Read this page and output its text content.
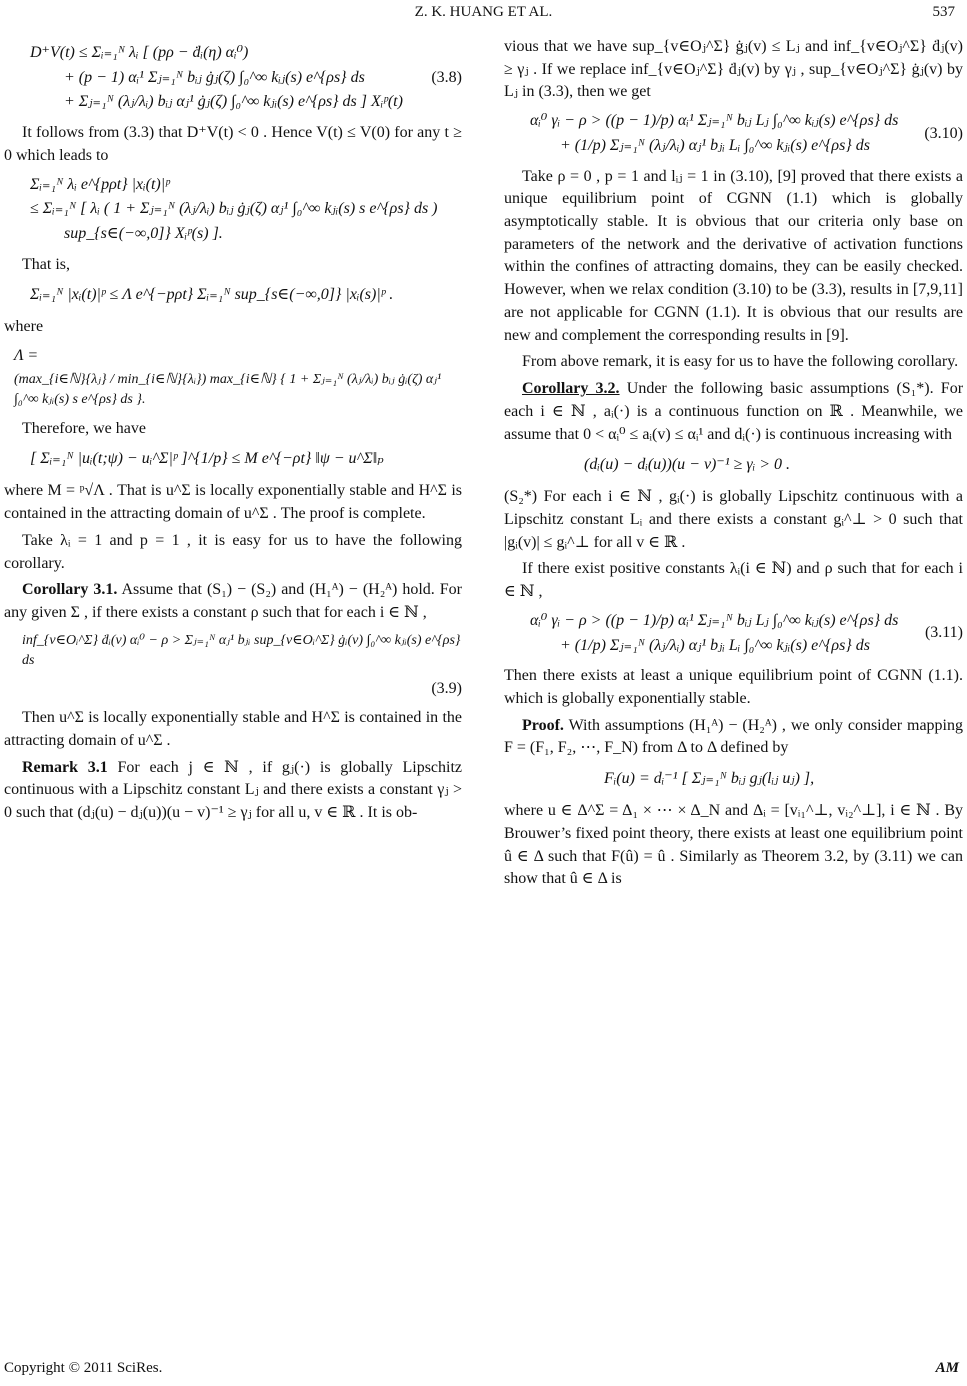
Z. K. HUANG ET AL.	537
D⁺V(t) ≤ Σᵢ₌₁ᴺ λᵢ [ (pρ − ḋᵢ(η) αᵢ⁰)
+ (p − 1) αᵢ¹ Σⱼ₌₁ᴺ bᵢⱼ ġⱼ(ζ) ∫₀^∞ kᵢⱼ(s) e^{ρs} ds
+ Σⱼ₌₁ᴺ (λⱼ/λᵢ) bᵢⱼ αⱼ¹ ġⱼ(ζ) ∫₀^∞ kⱼᵢ(s) e^{ρs} ds ] Xᵢᵖ(t)
(3.8)

It follows from (3.3) that D⁺V(t) < 0 . Hence V(t) ≤ V(0) for any t ≥ 0 which leads to

Σᵢ₌₁ᴺ λᵢ e^{pρt} |xᵢ(t)|ᵖ
≤ Σᵢ₌₁ᴺ [ λᵢ ( 1 + Σⱼ₌₁ᴺ (λⱼ/λᵢ) bᵢⱼ ġⱼ(ζ) αⱼ¹ ∫₀^∞ kⱼᵢ(s) s e^{ρs} ds )
sup_{s∈(−∞,0]} Xᵢᵖ(s) ].

That is,

Σᵢ₌₁ᴺ |xᵢ(t)|ᵖ ≤ Λ e^{−pρt} Σᵢ₌₁ᴺ sup_{s∈(−∞,0]} |xᵢ(s)|ᵖ .

where

Λ =
(max_{i∈ℕ}{λⱼ} / min_{i∈ℕ}{λᵢ}) max_{i∈ℕ} { 1 + Σⱼ₌₁ᴺ (λⱼ/λᵢ) bᵢⱼ ġᵢ(ζ) αⱼ¹ ∫₀^∞ kⱼᵢ(s) s e^{ρs} ds }.

Therefore, we have

[ Σᵢ₌₁ᴺ |uᵢ(t;ψ) − uᵢ^Σ|ᵖ ]^{1/p} ≤ M e^{−ρt} ‖ψ − u^Σ‖ₚ

where M = ᵖ√Λ . That is u^Σ is locally exponentially stable and H^Σ is contained in the attracting domain of u^Σ . The proof is complete.

Take λᵢ = 1 and p = 1 , it is easy for us to have the following corollary.

Corollary 3.1. Assume that (S₁) − (S₂) and (H₁ᴬ) − (H₂ᴬ) hold. For any given Σ , if there exists a constant ρ such that for each i ∈ ℕ ,

inf_{v∈Oᵢ^Σ} ḋᵢ(v) αᵢ⁰ − ρ > Σⱼ₌₁ᴺ αⱼ¹ bⱼᵢ sup_{v∈Oᵢ^Σ} ġᵢ(v) ∫₀^∞ kⱼᵢ(s) e^{ρs} ds
(3.9)

Then u^Σ is locally exponentially stable and H^Σ is contained in the attracting domain of u^Σ .

Remark 3.1 For each j ∈ ℕ , if gⱼ(·) is globally Lipschitz continuous with a Lipschitz constant Lⱼ and there exists a constant γⱼ > 0 such that (dⱼ(u) − dⱼ(u))(u − v)⁻¹ ≥ γⱼ for all u, v ∈ ℝ . It is ob-

vious that we have sup_{v∈Oⱼ^Σ} ġⱼ(v) ≤ Lⱼ and inf_{v∈Oⱼ^Σ} ḋⱼ(v) ≥ γⱼ . If we replace inf_{v∈Oⱼ^Σ} ḋⱼ(v) by γⱼ , sup_{v∈Oⱼ^Σ} ġⱼ(v) by Lⱼ in (3.3), then we get

αᵢ⁰ γᵢ − ρ > ((p − 1)/p) αᵢ¹ Σⱼ₌₁ᴺ bᵢⱼ Lⱼ ∫₀^∞ kᵢⱼ(s) e^{ρs} ds
+ (1/p) Σⱼ₌₁ᴺ (λⱼ/λᵢ) αⱼ¹ bⱼᵢ Lᵢ ∫₀^∞ kⱼᵢ(s) e^{ρs} ds
(3.10)

Take ρ = 0 , p = 1 and lᵢⱼ = 1 in (3.10), [9] proved that there exists a unique equilibrium point of CGNN (1.1) which is globally asymptotically stable. It is obvious that our criteria only base on parameters of the network and the derivative of activation functions within the confines of attracting domains, they can be easily checked. However, when we relax condition (3.10) to be (3.3), results in [7,9,11] are not applicable for CGNN (1.1). It is obvious that our results are new and complement the corresponding results in [9].

From above remark, it is easy for us to have the following corollary.

Corollary 3.2. Under the following basic assumptions (S₁*). For each i ∈ ℕ , aᵢ(·) is a continuous function on ℝ . Meanwhile, we assume that 0 < αᵢ⁰ ≤ aᵢ(v) ≤ αᵢ¹ and dᵢ(·) is continuous increasing with

(dᵢ(u) − dᵢ(u))(u − v)⁻¹ ≥ γᵢ > 0 .

(S₂*) For each i ∈ ℕ , gᵢ(·) is globally Lipschitz continuous with a Lipschitz constant Lᵢ and there exists a constant gᵢ^⊥ > 0 such that |gᵢ(v)| ≤ gᵢ^⊥ for all v ∈ ℝ .

If there exist positive constants λᵢ(i ∈ ℕ) and ρ such that for each i ∈ ℕ ,

αᵢ⁰ γᵢ − ρ > ((p − 1)/p) αᵢ¹ Σⱼ₌₁ᴺ bᵢⱼ Lⱼ ∫₀^∞ kᵢⱼ(s) e^{ρs} ds
+ (1/p) Σⱼ₌₁ᴺ (λⱼ/λᵢ) αⱼ¹ bⱼᵢ Lᵢ ∫₀^∞ kⱼᵢ(s) e^{ρs} ds
(3.11)

Then there exists at least a unique equilibrium point of CGNN (1.1). which is globally exponentially stable.

Proof. With assumptions (H₁ᴬ) − (H₂ᴬ) , we only consider mapping F = (F₁, F₂, ⋯, F_N) from Δ to Δ defined by

Fᵢ(u) = dᵢ⁻¹ [ Σⱼ₌₁ᴺ bᵢⱼ gⱼ(lᵢⱼ uⱼ) ],

where u ∈ Δ^Σ = Δ₁ × ⋯ × Δ_N and Δᵢ = [vᵢ₁^⊥, vᵢ₂^⊥], i ∈ ℕ . By Brouwer’s fixed point theory, there exists at least one equilibrium point û ∈ Δ such that F(û) = û . Similarly as Theorem 3.2, by (3.11) we can show that û ∈ Δ is

Copyright © 2011 SciRes.	AM
